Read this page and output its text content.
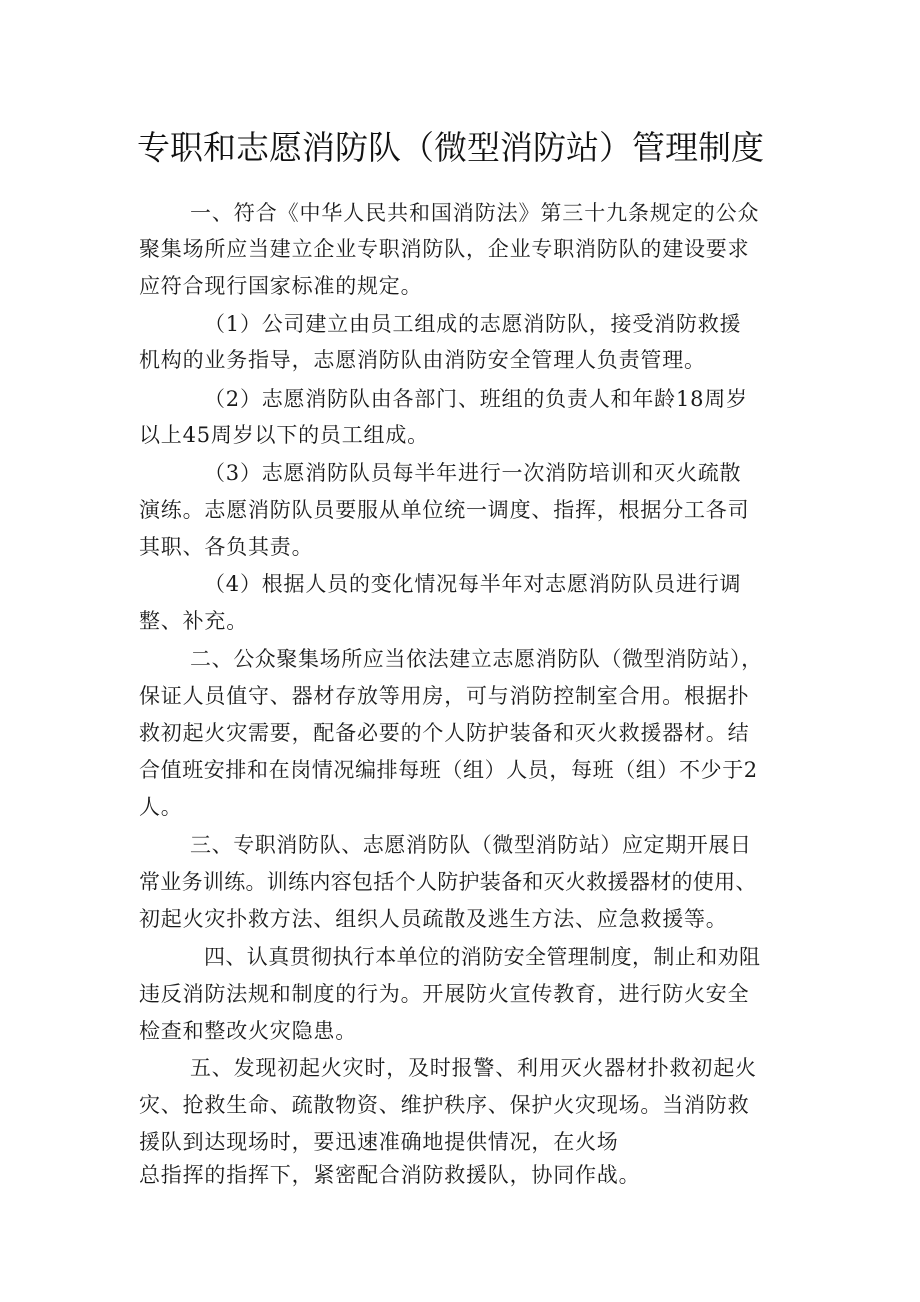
专职和志愿消防队（微型消防站）管理制度

一、符合《中华人民共和国消防法》第三十九条规定的公众

聚集场所应当建立企业专职消防队，企业专职消防队的建设要求

应符合现行国家标准的规定。

（1）公司建立由员工组成的志愿消防队，接受消防救援

机构的业务指导，志愿消防队由消防安全管理人负责管理。

（2）志愿消防队由各部门、班组的负责人和年龄18周岁

以上45周岁以下的员工组成。

（3）志愿消防队员每半年进行一次消防培训和灭火疏散

演练。志愿消防队员要服从单位统一调度、指挥，根据分工各司

其职、各负其责。

（4）根据人员的变化情况每半年对志愿消防队员进行调

整、补充。

二、公众聚集场所应当依法建立志愿消防队（微型消防站），

保证人员值守、器材存放等用房，可与消防控制室合用。根据扑

救初起火灾需要，配备必要的个人防护装备和灭火救援器材。结

合值班安排和在岗情况编排每班（组）人员，每班（组）不少于2

人。

三、专职消防队、志愿消防队（微型消防站）应定期开展日

常业务训练。训练内容包括个人防护装备和灭火救援器材的使用、

初起火灾扑救方法、组织人员疏散及逃生方法、应急救援等。

四、认真贯彻执行本单位的消防安全管理制度，制止和劝阻

违反消防法规和制度的行为。开展防火宣传教育，进行防火安全

检查和整改火灾隐患。

五、发现初起火灾时，及时报警、利用灭火器材扑救初起火

灾、抢救生命、疏散物资、维护秩序、保护火灾现场。当消防救

援队到达现场时，要迅速准确地提供情况，在火场

总指挥的指挥下，紧密配合消防救援队，协同作战。
